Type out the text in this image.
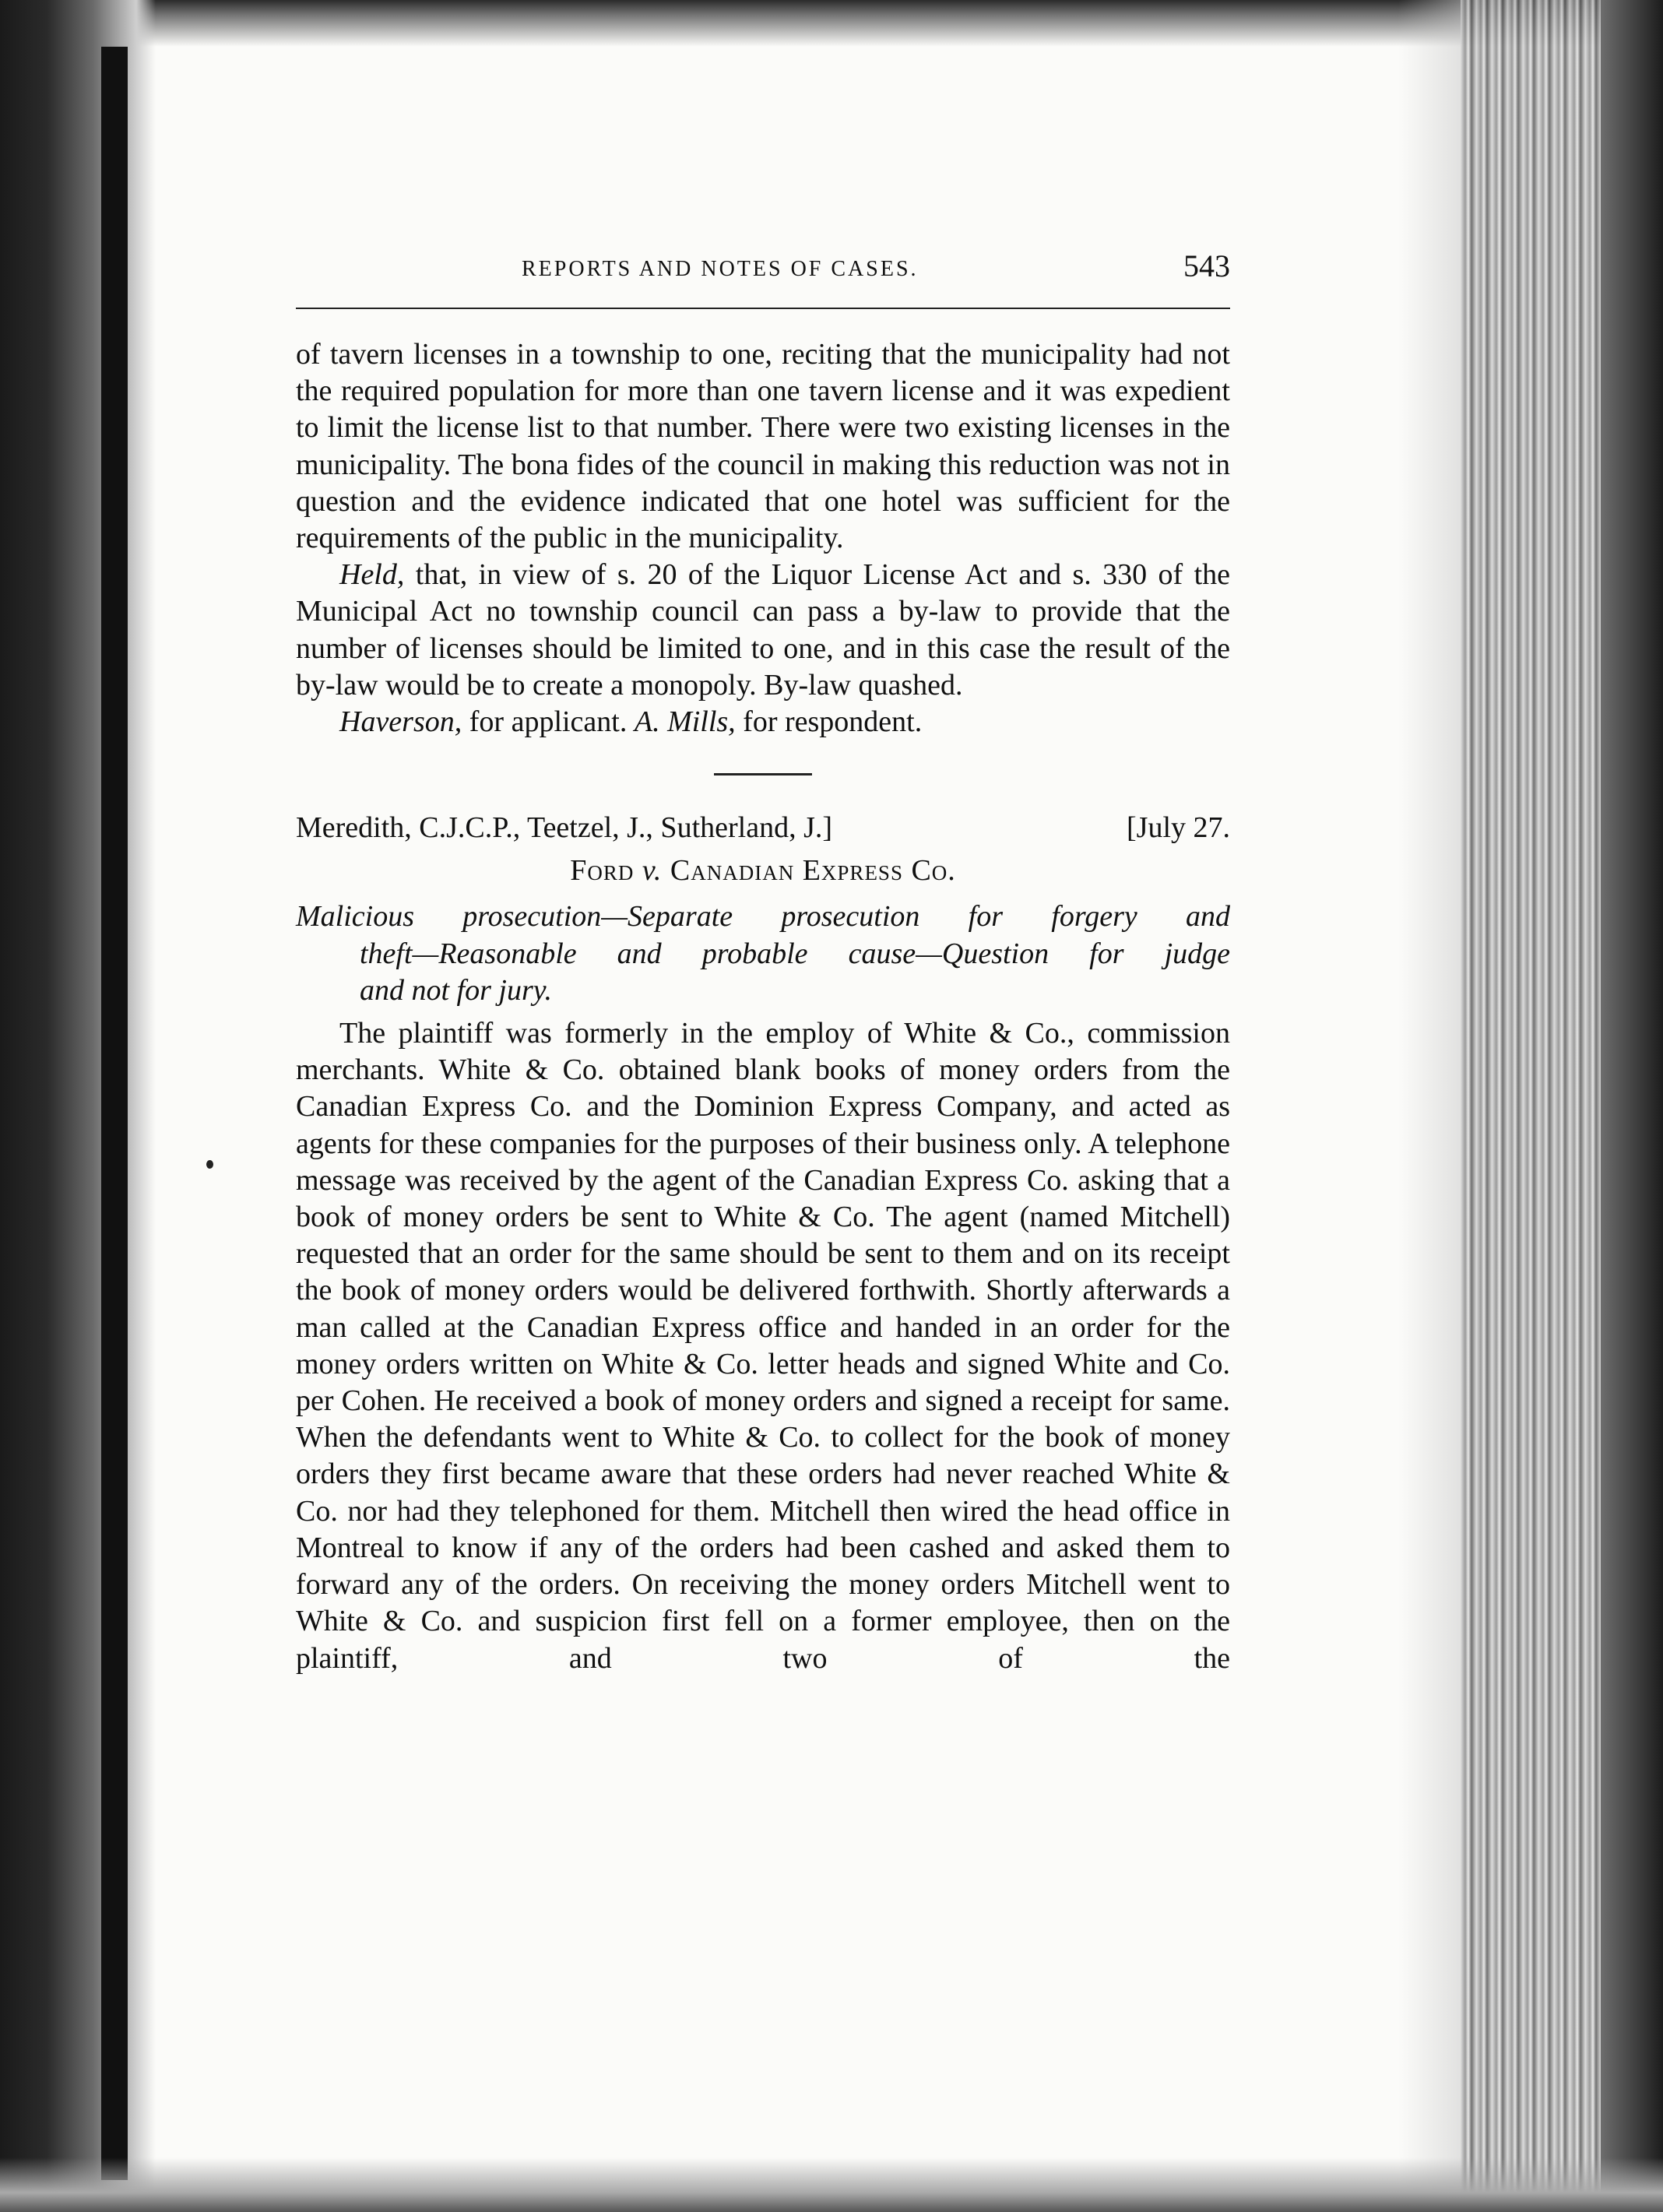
REPORTS AND NOTES OF CASES.	543

of tavern licenses in a township to one, reciting that the municipality had not the required population for more than one tavern license and it was expedient to limit the license list to that number. There were two existing licenses in the municipality. The bona fides of the council in making this reduction was not in question and the evidence indicated that one hotel was sufficient for the requirements of the public in the municipality.

Held, that, in view of s. 20 of the Liquor License Act and s. 330 of the Municipal Act no township council can pass a by-law to provide that the number of licenses should be limited to one, and in this case the result of the by-law would be to create a monopoly. By-law quashed.

Haverson, for applicant. A. Mills, for respondent.

Meredith, C.J.C.P., Teetzel, J., Sutherland, J.]	[July 27.
Ford v. Canadian Express Co.

Malicious prosecution—Separate prosecution for forgery and
theft—Reasonable and probable cause—Question for judge
and not for jury.

The plaintiff was formerly in the employ of White & Co., commission merchants. White & Co. obtained blank books of money orders from the Canadian Express Co. and the Dominion Express Company, and acted as agents for these companies for the purposes of their business only. A telephone message was received by the agent of the Canadian Express Co. asking that a book of money orders be sent to White & Co. The agent (named Mitchell) requested that an order for the same should be sent to them and on its receipt the book of money orders would be delivered forthwith. Shortly afterwards a man called at the Canadian Express office and handed in an order for the money orders written on White & Co. letter heads and signed White and Co. per Cohen. He received a book of money orders and signed a receipt for same. When the defendants went to White & Co. to collect for the book of money orders they first became aware that these orders had never reached White & Co. nor had they telephoned for them. Mitchell then wired the head office in Montreal to know if any of the orders had been cashed and asked them to forward any of the orders. On receiving the money orders Mitchell went to White & Co. and suspicion first fell on a former employee, then on the plaintiff, and two of the
